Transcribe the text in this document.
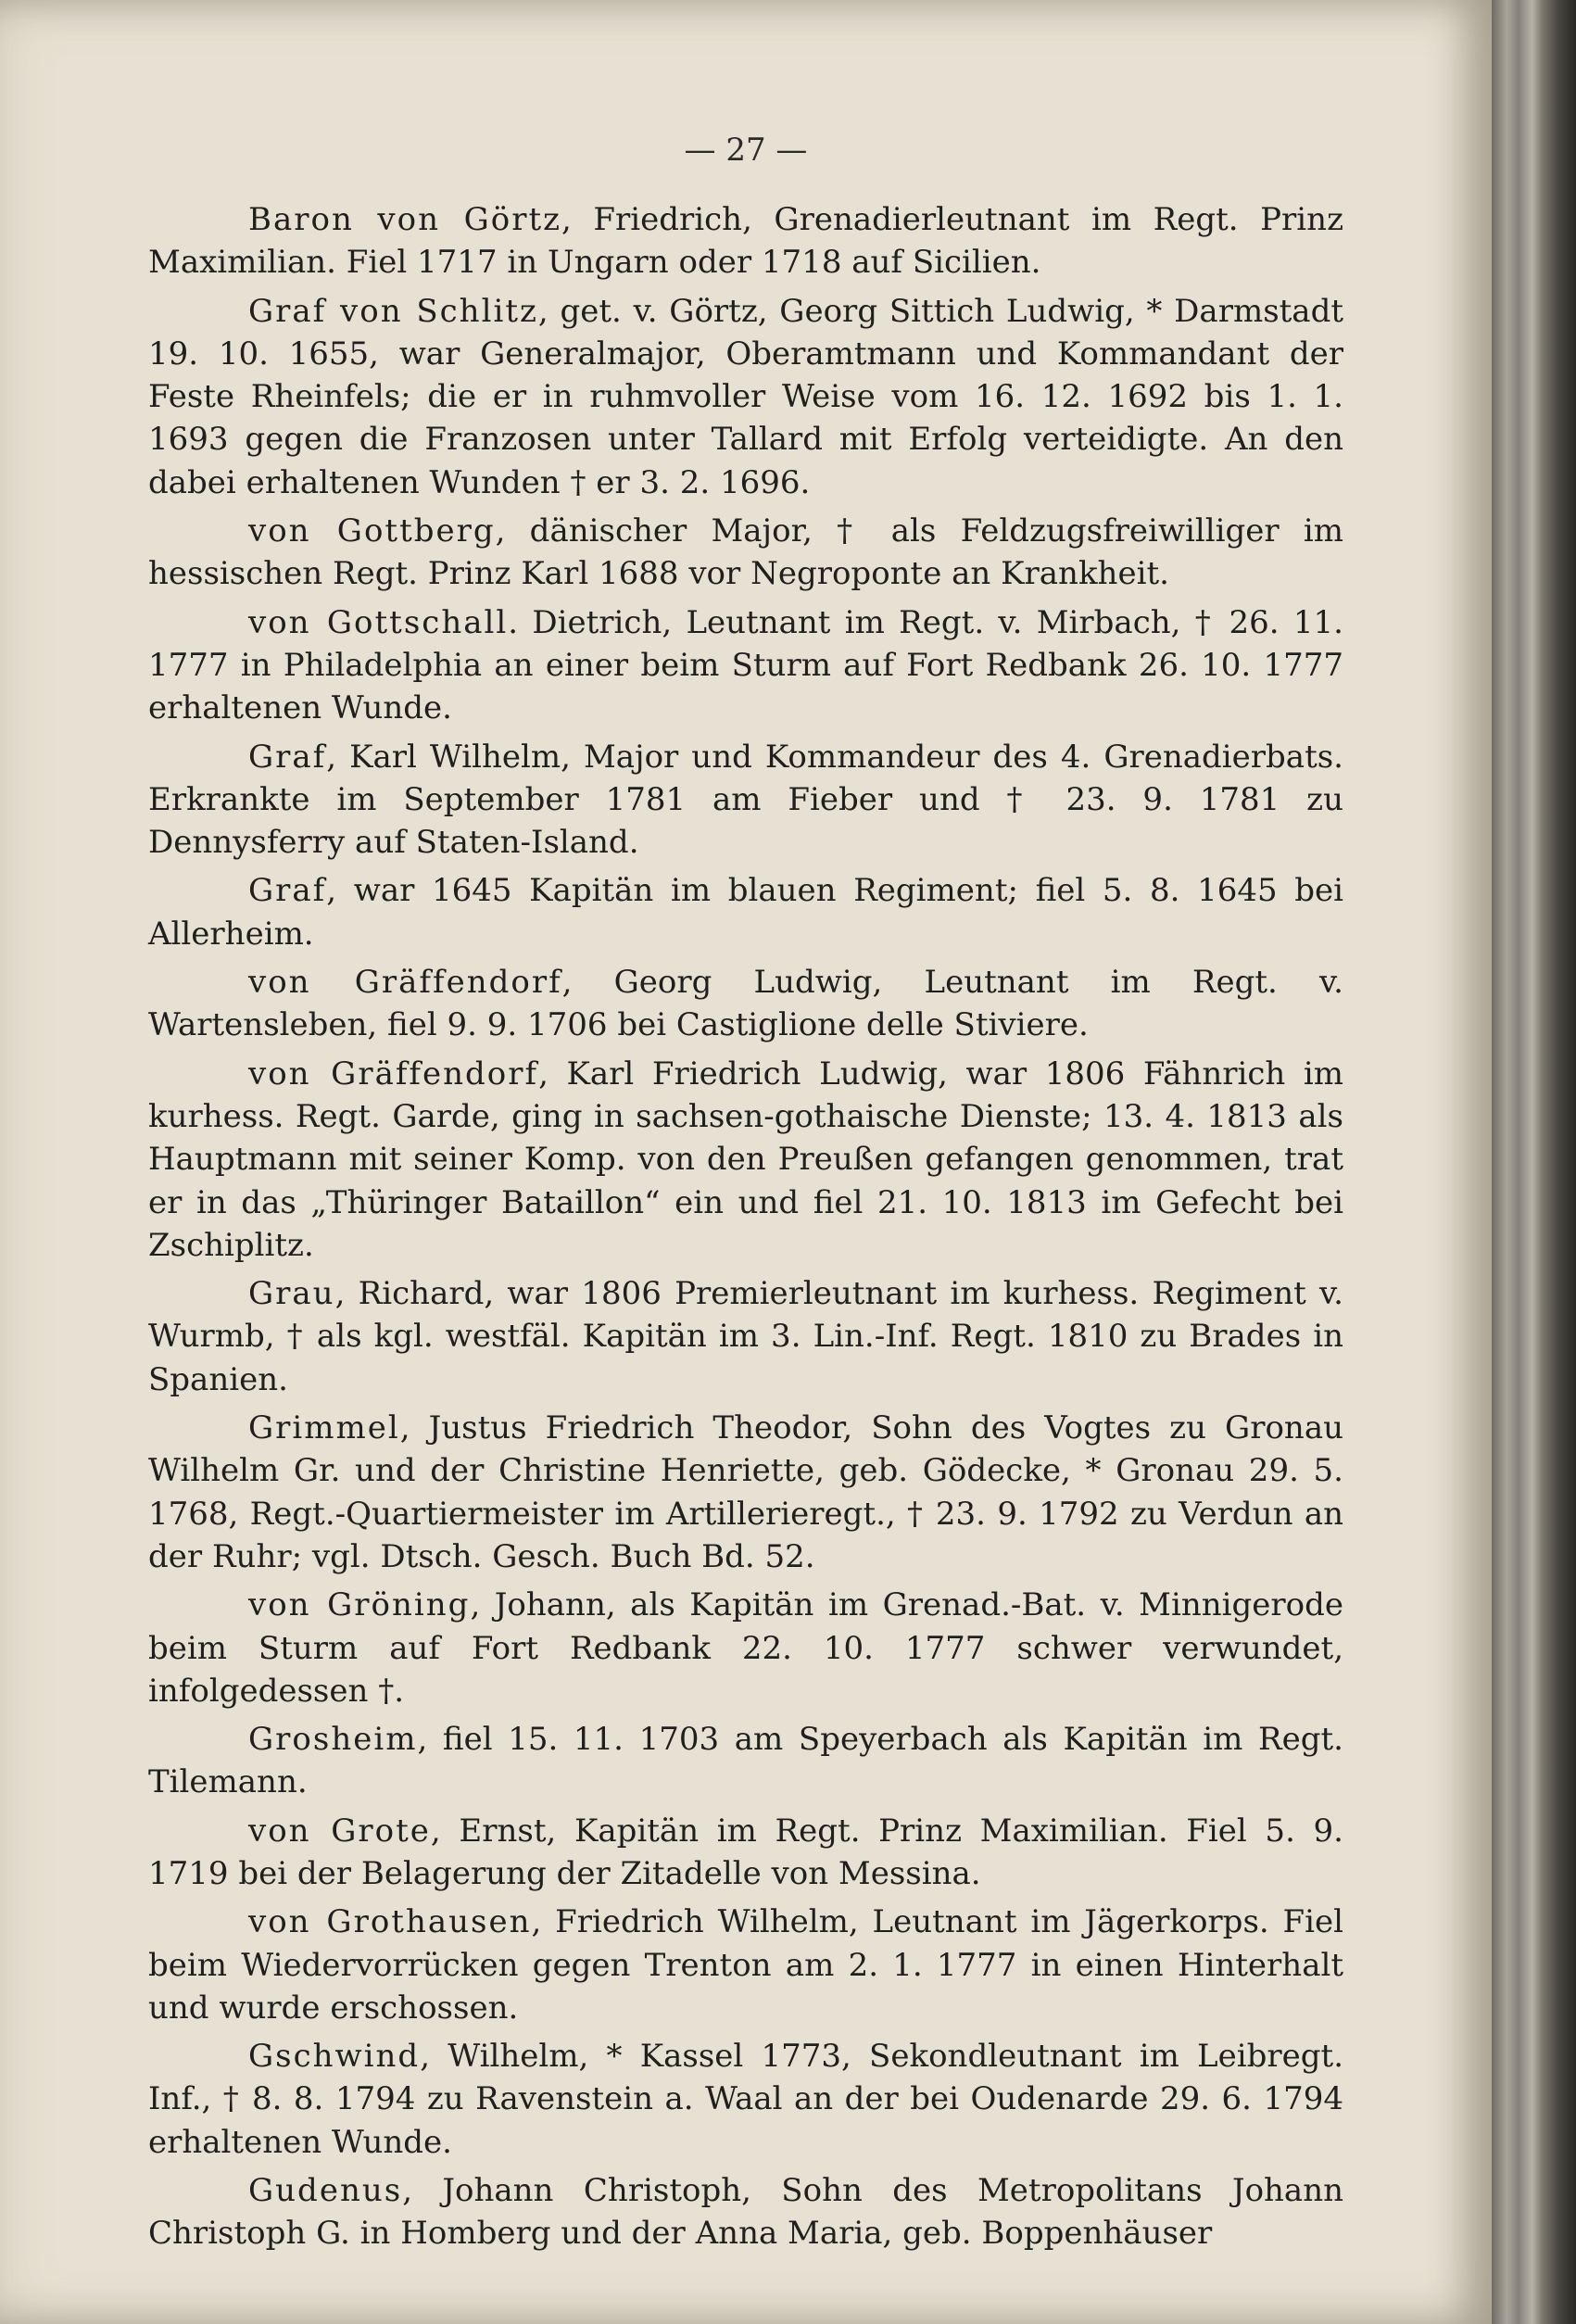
— 27 —

Baron von Görtz, Friedrich, Grenadierleutnant im Regt. Prinz Maximilian. Fiel 1717 in Ungarn oder 1718 auf Sicilien.

Graf von Schlitz, get. v. Görtz, Georg Sittich Ludwig, * Darmstadt 19. 10. 1655, war Generalmajor, Oberamtmann und Kommandant der Feste Rheinfels; die er in ruhmvoller Weise vom 16. 12. 1692 bis 1. 1. 1693 gegen die Franzosen unter Tallard mit Erfolg verteidigte. An den dabei erhaltenen Wunden † er 3. 2. 1696.

von Gottberg, dänischer Major, † als Feldzugsfreiwilliger im hessischen Regt. Prinz Karl 1688 vor Negroponte an Krankheit.

von Gottschall. Dietrich, Leutnant im Regt. v. Mirbach, † 26. 11. 1777 in Philadelphia an einer beim Sturm auf Fort Redbank 26. 10. 1777 erhaltenen Wunde.

Graf, Karl Wilhelm, Major und Kommandeur des 4. Grenadierbats. Erkrankte im September 1781 am Fieber und † 23. 9. 1781 zu Dennysferry auf Staten-Island.

Graf, war 1645 Kapitän im blauen Regiment; fiel 5. 8. 1645 bei Allerheim.

von Gräffendorf, Georg Ludwig, Leutnant im Regt. v. Wartensleben, fiel 9. 9. 1706 bei Castiglione delle Stiviere.

von Gräffendorf, Karl Friedrich Ludwig, war 1806 Fähnrich im kurhess. Regt. Garde, ging in sachsen-gothaische Dienste; 13. 4. 1813 als Hauptmann mit seiner Komp. von den Preußen gefangen genommen, trat er in das „Thüringer Bataillon“ ein und fiel 21. 10. 1813 im Gefecht bei Zschiplitz.

Grau, Richard, war 1806 Premierleutnant im kurhess. Regiment v. Wurmb, † als kgl. westfäl. Kapitän im 3. Lin.-Inf. Regt. 1810 zu Brades in Spanien.

Grimmel, Justus Friedrich Theodor, Sohn des Vogtes zu Gronau Wilhelm Gr. und der Christine Henriette, geb. Gödecke, * Gronau 29. 5. 1768, Regt.-Quartiermeister im Artillerieregt., † 23. 9. 1792 zu Verdun an der Ruhr; vgl. Dtsch. Gesch. Buch Bd. 52.

von Gröning, Johann, als Kapitän im Grenad.-Bat. v. Minnigerode beim Sturm auf Fort Redbank 22. 10. 1777 schwer verwundet, infolgedessen †.

Grosheim, fiel 15. 11. 1703 am Speyerbach als Kapitän im Regt. Tilemann.

von Grote, Ernst, Kapitän im Regt. Prinz Maximilian. Fiel 5. 9. 1719 bei der Belagerung der Zitadelle von Messina.

von Grothausen, Friedrich Wilhelm, Leutnant im Jägerkorps. Fiel beim Wiedervorrücken gegen Trenton am 2. 1. 1777 in einen Hinterhalt und wurde erschossen.

Gschwind, Wilhelm, * Kassel 1773, Sekondleutnant im Leibregt. Inf., † 8. 8. 1794 zu Ravenstein a. Waal an der bei Oudenarde 29. 6. 1794 erhaltenen Wunde.

Gudenus, Johann Christoph, Sohn des Metropolitans Johann Christoph G. in Homberg und der Anna Maria, geb. Boppenhäuser
